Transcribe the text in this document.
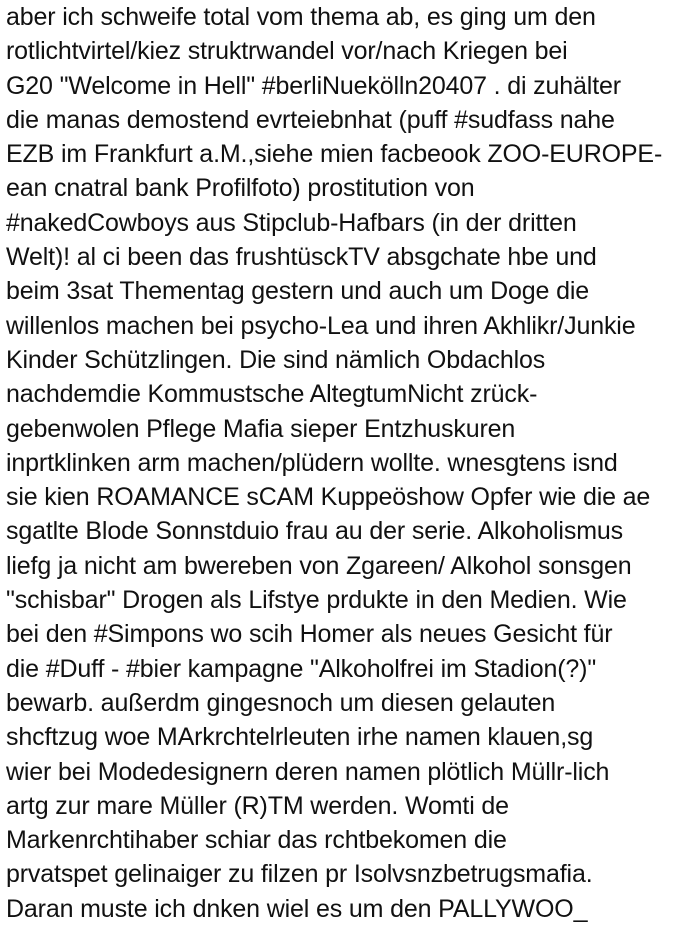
aber ich schweife total vom thema ab, es ging um den
rotlichtvirtel/kiez struktrwandel vor/nach Kriegen bei
G20 "Welcome in Hell" #berliNuekölln20407 . di zuhälter
die manas demostend evrteiebnhat (puff #sudfass nahe
EZB im Frankfurt a.M.,siehe mien facbeook ZOO-EUROPE-
ean cnatral bank Profilfoto) prostitution von
#nakedCowboys aus Stipclub-Hafbars (in der dritten
Welt)! al ci been das frushtüsckTV absgchate hbe und
beim 3sat Thementag gestern und auch um Doge die
willenlos machen bei psycho-Lea und ihren Akhlikr/Junkie
Kinder Schützlingen. Die sind nämlich Obdachlos
nachdemdie Kommustsche AltegtumNicht zrück-
gebenwolen Pflege Mafia sieper Entzhuskuren
inprtklinken arm machen/plüdern wollte. wnesgtens isnd
sie kien ROAMANCE sCAM Kuppeöshow Opfer wie die ae
sgatlte Blode Sonnstduio frau au der serie. Alkoholismus
liefg ja nicht am bwereben von Zgareen/ Alkohol sonsgen
"schisbar" Drogen als Lifstye prdukte in den Medien. Wie
bei den #Simpons wo scih Homer als neues Gesicht für
die #Duff - #bier kampagne "Alkoholfrei im Stadion(?)"
bewarb. außerdm gingesnoch um diesen gelauten
shcftzug woe MArkrchtelrleuten irhe namen klauen,sg
wier bei Modedesignern deren namen plötlich Müllr-lich
artg zur mare Müller (R)TM werden. Womti de
Markenrchtihaber schiar das rchtbekomen die
prvatspet gelinaiger zu filzen pr Isolvsnzbetrugsmafia.
Daran muste ich dnken wiel es um den PALLYWOO_
